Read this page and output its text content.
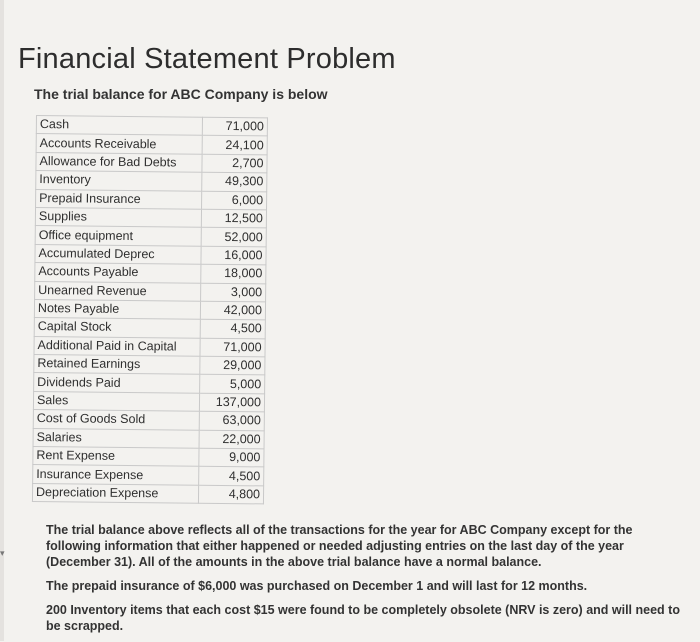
▾
Financial Statement Problem
The trial balance for ABC Company is below
Cash	71,000
Accounts Receivable	24,100
Allowance for Bad Debts	2,700
Inventory	49,300
Prepaid Insurance	6,000
Supplies	12,500
Office equipment	52,000
Accumulated Deprec	16,000
Accounts Payable	18,000
Unearned Revenue	3,000
Notes Payable	42,000
Capital Stock	4,500
Additional Paid in Capital	71,000
Retained Earnings	29,000
Dividends Paid	5,000
Sales	137,000
Cost of Goods Sold	63,000
Salaries	22,000
Rent Expense	9,000
Insurance Expense	4,500
Depreciation Expense	4,800

The trial balance above reflects all of the transactions for the year for ABC Company except for the following information that either happened or needed adjusting entries on the last day of the year (December 31). All of the amounts in the above trial balance have a normal balance.

The prepaid insurance of $6,000 was purchased on December 1 and will last for 12 months.

200 Inventory items that each cost $15 were found to be completely obsolete (NRV is zero) and will need to be scrapped.
